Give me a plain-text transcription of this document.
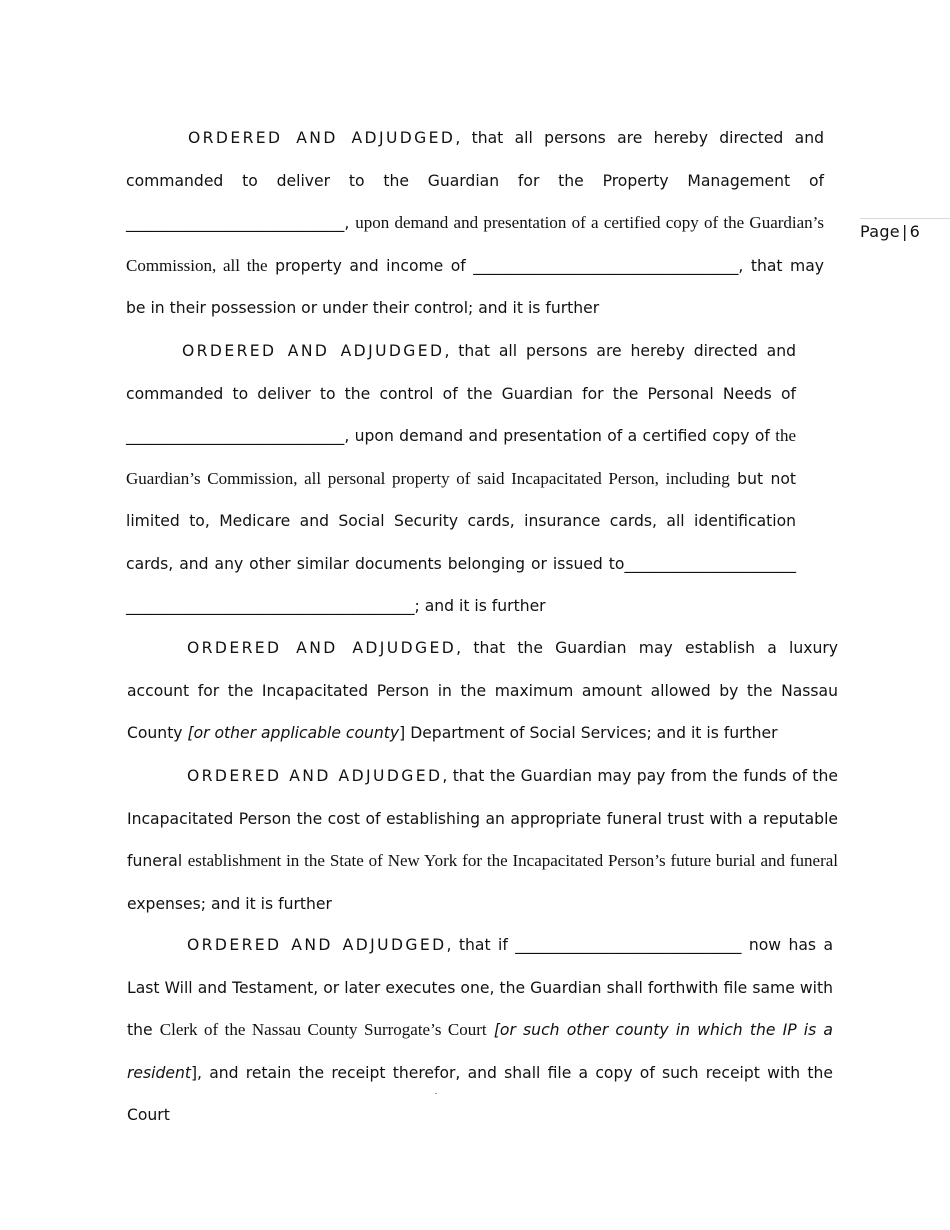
Page | 6

ORDERED AND ADJUDGED, that all persons are hereby directed and commanded to deliver to the Guardian for the Property Management of ____________________________, upon demand and presentation of a certified copy of the Guardian’s Commission, all the property and income of __________________________________, that may be in their possession or under their control; and it is further

ORDERED AND ADJUDGED, that all persons are hereby directed and commanded to deliver to the control of the Guardian for the Personal Needs of ____________________________, upon demand and presentation of a certified copy of the Guardian’s Commission, all personal property of said Incapacitated Person, including but not limited to, Medicare and Social Security cards, insurance cards, all identification cards, and any other similar documents belonging or issued to______________________ _____________________________________; and it is further

ORDERED AND ADJUDGED, that the Guardian may establish a luxury account for the Incapacitated Person in the maximum amount allowed by the Nassau County [or other applicable county] Department of Social Services; and it is further

ORDERED AND ADJUDGED, that the Guardian may pay from the funds of the Incapacitated Person the cost of establishing an appropriate funeral trust with a reputable funeral establishment in the State of New York for the Incapacitated Person’s future burial and funeral expenses; and it is further

ORDERED AND ADJUDGED, that if _____________________________ now has a Last Will and Testament, or later executes one, the Guardian shall forthwith file same with the Clerk of the Nassau County Surrogate’s Court [or such other county in which the IP is a resident], and retain the receipt therefor, and shall file a copy of such receipt with the Court
